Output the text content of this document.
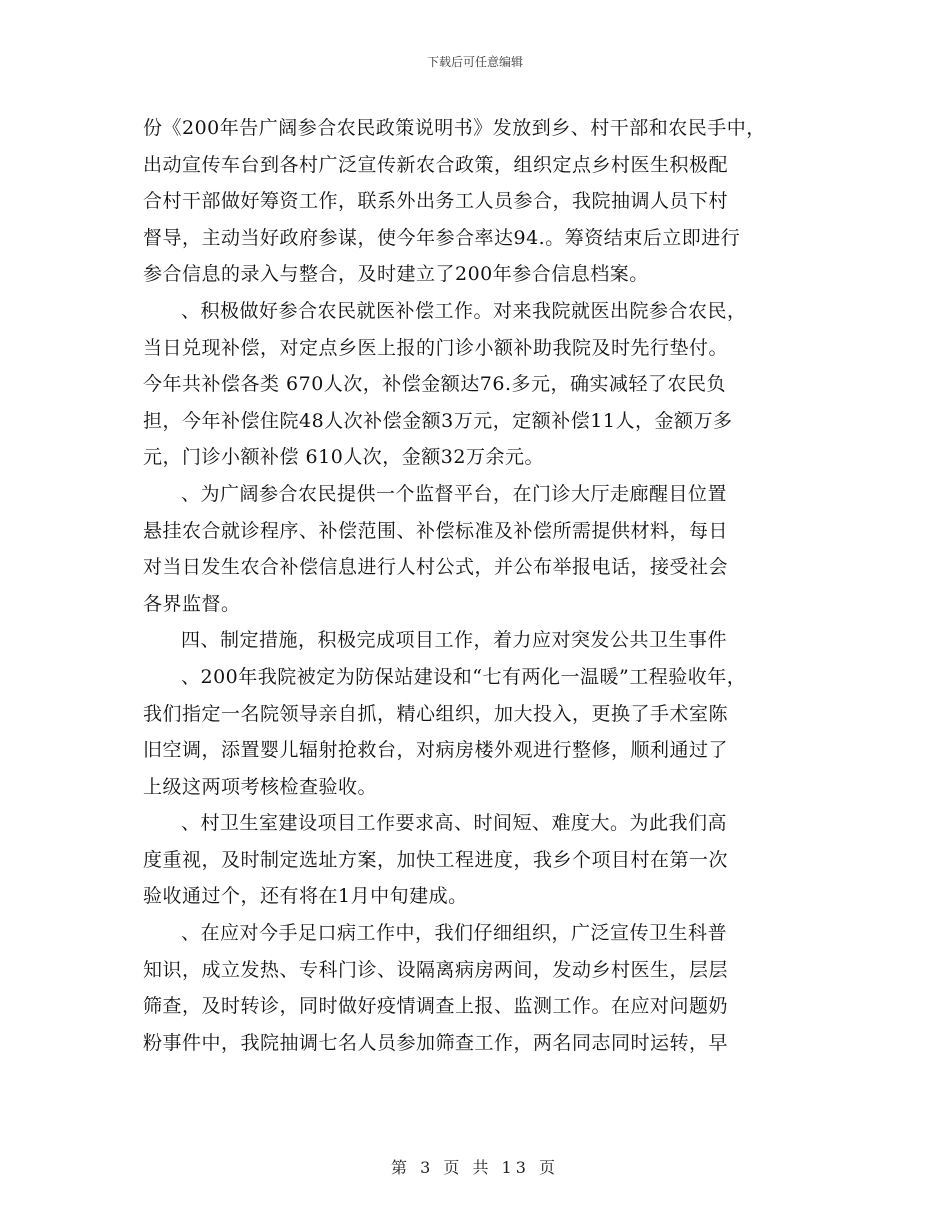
下载后可任意编辑
份《200年告广阔参合农民政策说明书》发放到乡、村干部和农民手中，
出动宣传车台到各村广泛宣传新农合政策，组织定点乡村医生积极配
合村干部做好筹资工作，联系外出务工人员参合，我院抽调人员下村
督导，主动当好政府参谋，使今年参合率达94.。筹资结束后立即进行
参合信息的录入与整合，及时建立了200年参合信息档案。
、积极做好参合农民就医补偿工作。对来我院就医出院参合农民，
当日兑现补偿，对定点乡医上报的门诊小额补助我院及时先行垫付。
今年共补偿各类 670人次，补偿金额达76.多元，确实减轻了农民负
担，今年补偿住院48人次补偿金额3万元，定额补偿11人，金额万多
元，门诊小额补偿 610人次，金额32万余元。
、为广阔参合农民提供一个监督平台，在门诊大厅走廊醒目位置
悬挂农合就诊程序、补偿范围、补偿标准及补偿所需提供材料，每日
对当日发生农合补偿信息进行人村公式，并公布举报电话，接受社会
各界监督。
四、制定措施，积极完成项目工作，着力应对突发公共卫生事件
、200年我院被定为防保站建设和“七有两化一温暖”工程验收年，
我们指定一名院领导亲自抓，精心组织，加大投入，更换了手术室陈
旧空调，添置婴儿辐射抢救台，对病房楼外观进行整修，顺利通过了
上级这两项考核检查验收。
、村卫生室建设项目工作要求高、时间短、难度大。为此我们高
度重视，及时制定选址方案，加快工程进度，我乡个项目村在第一次
验收通过个，还有将在1月中旬建成。
、在应对今手足口病工作中，我们仔细组织，广泛宣传卫生科普
知识，成立发热、专科门诊、设隔离病房两间，发动乡村医生，层层
筛查，及时转诊，同时做好疫情调查上报、监测工作。在应对问题奶
粉事件中，我院抽调七名人员参加筛查工作，两名同志同时运转，早
第 3 页 共 13 页
